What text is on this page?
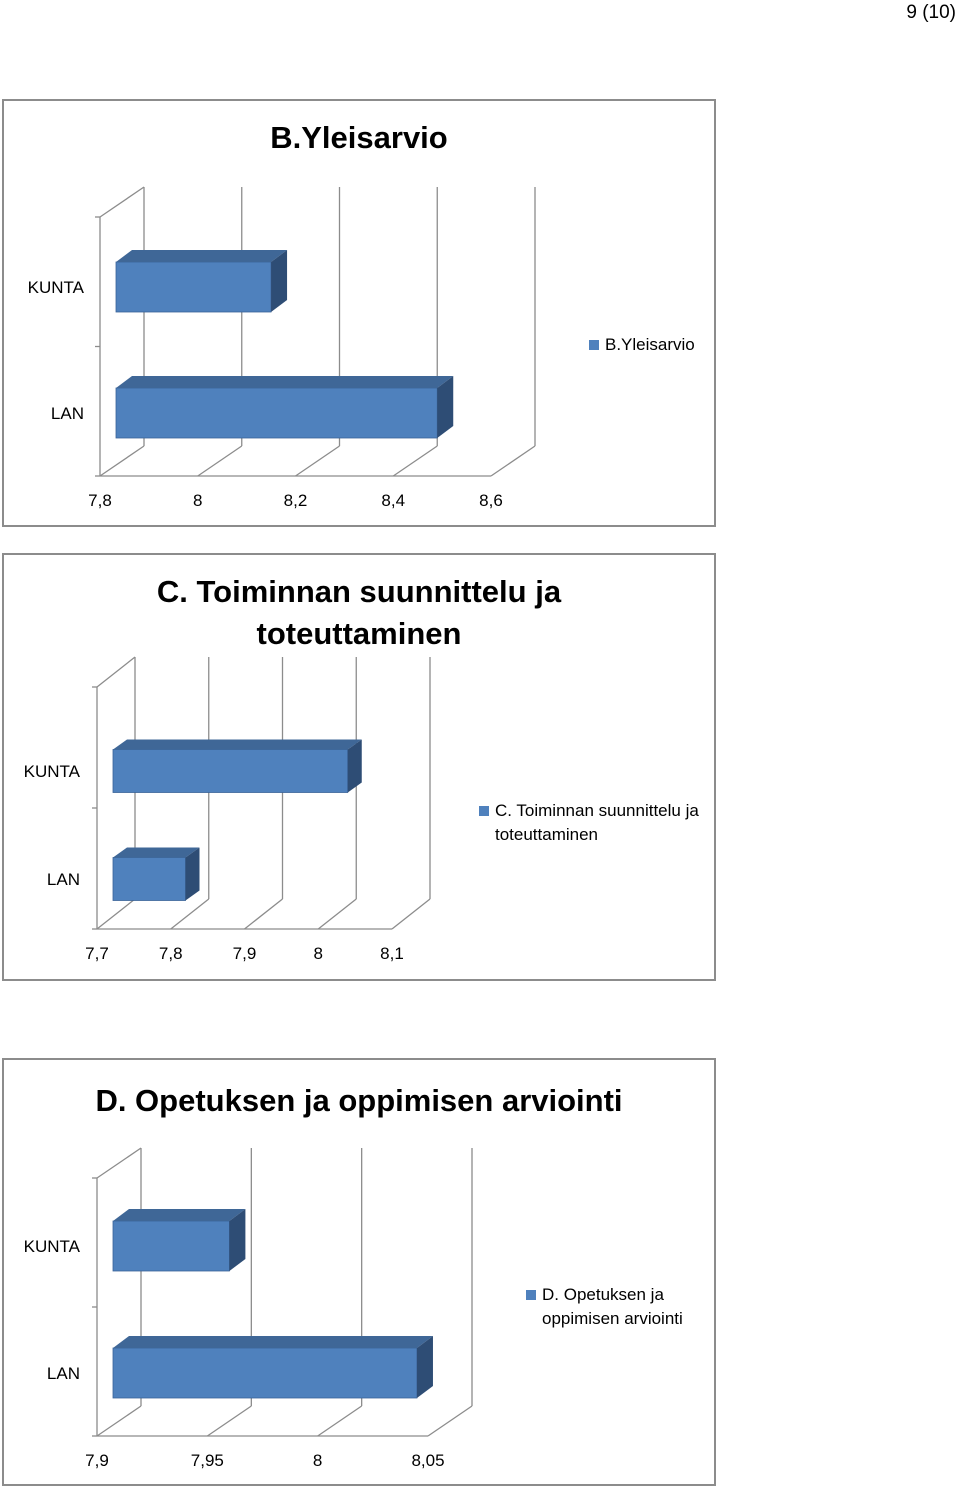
9 (10)
B.Yleisarvio
KUNTA
LAN
7,8	8	8,2	8,4	8,6
B.Yleisarvio
C. Toiminnan suunnittelu ja toteuttaminen
KUNTA
LAN
7,7	7,8	7,9	8	8,1
C. Toiminnan suunnittelu ja toteuttaminen
D. Opetuksen ja oppimisen arviointi
KUNTA
LAN
7,9	7,95	8	8,05
D. Opetuksen ja oppimisen arviointi
